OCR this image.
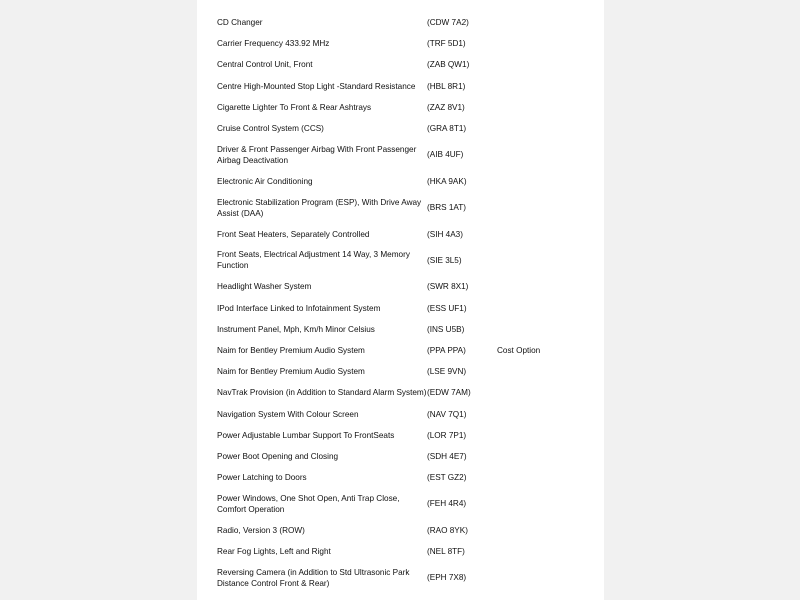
CD Changer	(CDW 7A2)
Carrier Frequency 433.92 MHz	(TRF 5D1)
Central Control Unit, Front	(ZAB QW1)
Centre High-Mounted Stop Light -Standard Resistance	(HBL 8R1)
Cigarette Lighter To Front & Rear Ashtrays	(ZAZ 8V1)
Cruise Control System (CCS)	(GRA 8T1)
Driver & Front Passenger Airbag With Front Passenger Airbag Deactivation
(AIB 4UF)
Electronic Air Conditioning	(HKA 9AK)
Electronic Stabilization Program (ESP), With Drive Away Assist (DAA)
(BRS 1AT)
Front Seat Heaters, Separately Controlled	(SIH 4A3)
Front Seats, Electrical Adjustment 14 Way, 3 Memory Function
(SIE 3L5)
Headlight Washer System	(SWR 8X1)
IPod Interface Linked to Infotainment System	(ESS UF1)
Instrument Panel, Mph, Km/h Minor Celsius	(INS U5B)
Naim for Bentley Premium Audio System	(PPA PPA)	Cost Option
Naim for Bentley Premium Audio System	(LSE 9VN)
NavTrak Provision (in Addition to Standard Alarm System) (EDW 7AM)
Navigation System With Colour Screen	(NAV 7Q1)
Power Adjustable Lumbar Support To FrontSeats	(LOR 7P1)
Power Boot Opening and Closing	(SDH 4E7)
Power Latching to Doors	(EST GZ2)
Power Windows, One Shot Open, Anti Trap Close, Comfort Operation
(FEH 4R4)
Radio, Version 3 (ROW)	(RAO 8YK)
Rear Fog Lights, Left and Right	(NEL 8TF)
Reversing Camera (in Addition to Std Ultrasonic Park Distance Control Front & Rear)
(EPH 7X8)
